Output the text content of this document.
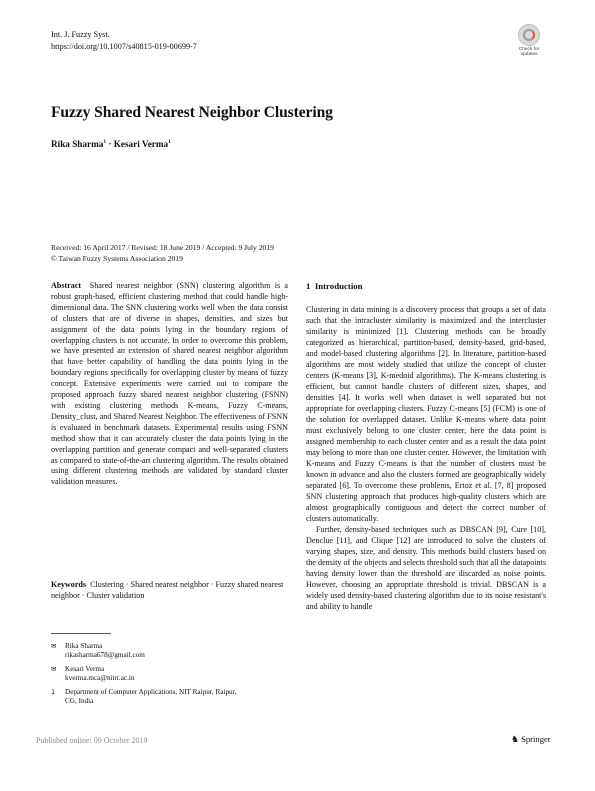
Int. J. Fuzzy Syst.
https://doi.org/10.1007/s40815-019-00699-7	Check for
updates
Fuzzy Shared Nearest Neighbor Clustering
Rika Sharma$^1$ · Kesari Verma$^1$
Received: 16 April 2017 / Revised: 18 June 2019 / Accepted: 9 July 2019
© Taiwan Fuzzy Systems Association 2019
Abstract Shared nearest neighbor (SNN) clustering algorithm is a robust graph-based, efficient clustering method that could handle high-dimensional data. The SNN clustering works well when the data consist of clusters that are of diverse in shapes, densities, and sizes but assignment of the data points lying in the boundary regions of overlapping clusters is not accurate. In order to overcome this problem, we have presented an extension of shared nearest neighbor algorithm that have better capability of handling the data points lying in the boundary regions specifically for overlapping cluster by means of fuzzy concept. Extensive experiments were carried out to compare the proposed approach fuzzy shared nearest neighbor clustering (FSNN) with existing clustering methods K-means, Fuzzy C-means, Density_clust, and Shared Nearest Neighbor. The effectiveness of FSNN is evaluated in benchmark datasets. Experimental results using FSNN method show that it can accurately cluster the data points lying in the overlapping partition and generate compact and well-separated clusters as compared to state-of-the-art clustering algorithm. The results obtained using different clustering methods are validated by standard cluster validation measures.
Keywords Clustering · Shared nearest neighbor · Fuzzy shared nearest neighbor · Cluster validation
✉ Rika Sharma
rikasharma678@gmail.com
✉ Kesari Verma
kverma.mca@nitrr.ac.in
1 Department of Computer Applications, NIT Raipur, Raipur,
CG, India
Published online: 09 October 2019	♞ Springer
1 Introduction

Clustering in data mining is a discovery process that groups a set of data such that the intracluster similarity is maximized and the intercluster similarity is minimized [1]. Clustering methods can be broadly categorized as hierarchical, partition-based, density-based, grid-based, and model-based clustering algorithms [2]. In literature, partition-based algorithms are most widely studied that utilize the concept of cluster centers (K-means [3], K-medoid algorithms). The K-means clustering is efficient, but cannot handle clusters of different sizes, shapes, and densities [4]. It works well when dataset is well separated but not appropriate for overlapping clusters. Fuzzy C-means [5] (FCM) is one of the solution for overlapped dataset. Unlike K-means where data point must exclusively belong to one cluster center, here the data point is assigned membership to each cluster center and as a result the data point may belong to more than one cluster center. However, the limitation with K-means and Fuzzy C-means is that the number of clusters must be known in advance and also the clusters formed are geographically widely separated [6]. To overcome these problems, Ertoz et al. [7, 8] proposed SNN clustering approach that produces high-quality clusters which are almost geographically contiguous and detect the correct number of clusters automatically.

Further, density-based techniques such as DBSCAN [9], Cure [10], Denclue [11], and Clique [12] are introduced to solve the clusters of varying shapes, size, and density. This methods build clusters based on the density of the objects and selects threshold such that all the datapoints having density lower than the threshold are discarded as noise points. However, choosing an appropriate threshold is trivial. DBSCAN is a widely used density-based clustering algorithm due to its noise resistant's and ability to handle
